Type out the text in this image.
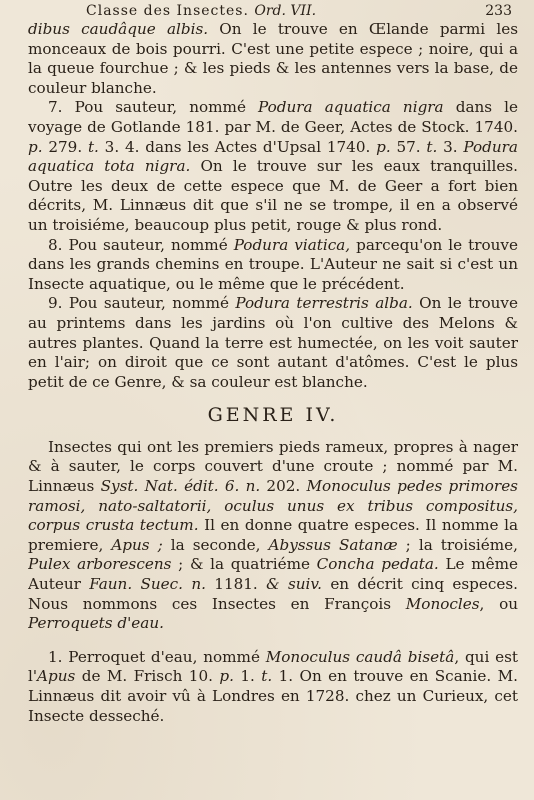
Classe des Insectes. Ord. VII.	233

dibus caudâque albis. On le trouve en Œlande parmi les monceaux de bois pourri. C'est une petite espece ; noire, qui a la queue fourchue ; & les pieds & les antennes vers la base, de couleur blanche.

7. Pou sauteur, nommé Podura aquatica nigra dans le voyage de Gotlande 181. par M. de Geer, Actes de Stock. 1740. p. 279. t. 3. 4. dans les Actes d'Upsal 1740. p. 57. t. 3. Podura aquatica tota nigra. On le trouve sur les eaux tranquilles. Outre les deux de cette espece que M. de Geer a fort bien décrits, M. Linnæus dit que s'il ne se trompe, il en a observé un troisiéme, beaucoup plus petit, rouge & plus rond.

8. Pou sauteur, nommé Podura viatica, parcequ'on le trouve dans les grands chemins en troupe. L'Auteur ne sait si c'est un Insecte aquatique, ou le même que le précédent.

9. Pou sauteur, nommé Podura terrestris alba. On le trouve au printems dans les jardins où l'on cultive des Melons & autres plantes. Quand la terre est humectée, on les voit sauter en l'air; on diroit que ce sont autant d'atômes. C'est le plus petit de ce Genre, & sa couleur est blanche.

GENRE IV.

Insectes qui ont les premiers pieds rameux, propres à nager & à sauter, le corps couvert d'une croute ; nommé par M. Linnæus Syst. Nat. édit. 6. n. 202. Monoculus pedes primores ramosi, nato-saltatorii, oculus unus ex tribus compositus, corpus crusta tectum. Il en donne quatre especes. Il nomme la premiere, Apus ; la seconde, Abyssus Satanæ ; la troisiéme, Pulex arborescens ; & la quatriéme Concha pedata. Le même Auteur Faun. Suec. n. 1181. & suiv. en décrit cinq especes. Nous nommons ces Insectes en François Monocles, ou Perroquets d'eau.

1. Perroquet d'eau, nommé Monoculus caudâ bisetâ, qui est l'Apus de M. Frisch 10. p. 1. t. 1. On en trouve en Scanie. M. Linnæus dit avoir vû à Londres en 1728. chez un Curieux, cet Insecte desseché.
